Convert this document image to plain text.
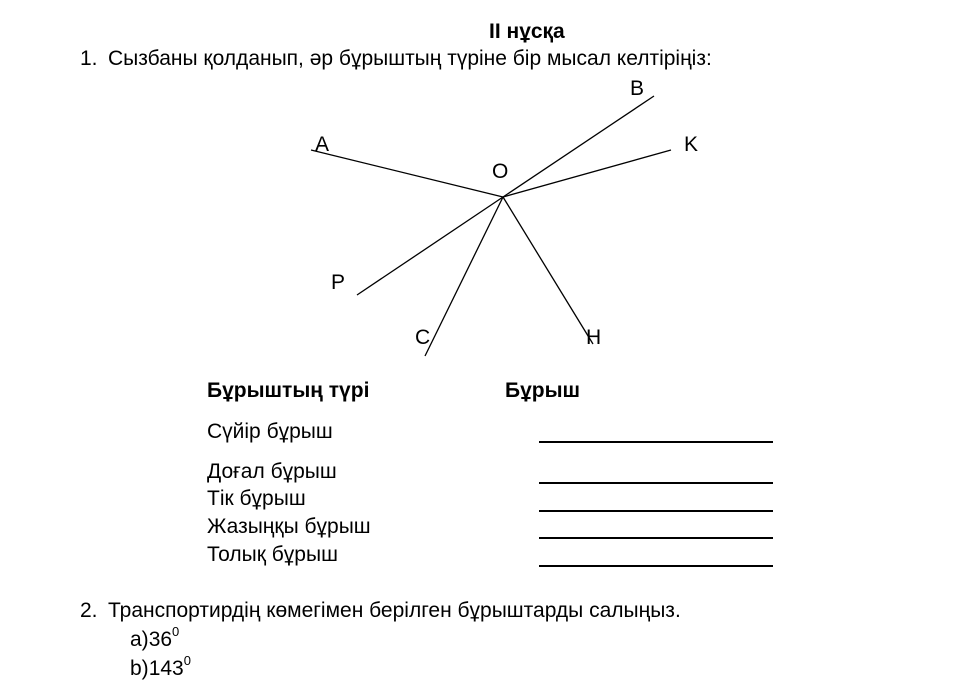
II нұсқа
1. Сызбаны қолданып, әр бұрыштың түріне бір мысал келтіріңіз:
A
B
K
O
P
C	H
Бұрыштың түрі	Бұрыш
Сүйір бұрыш
Доғал бұрыш
Тік бұрыш
Жазыңқы бұрыш
Толық бұрыш
2. Транспортирдің көмегімен берілген бұрыштарды салыңыз.
$a)36^0$
$b)143^0$
